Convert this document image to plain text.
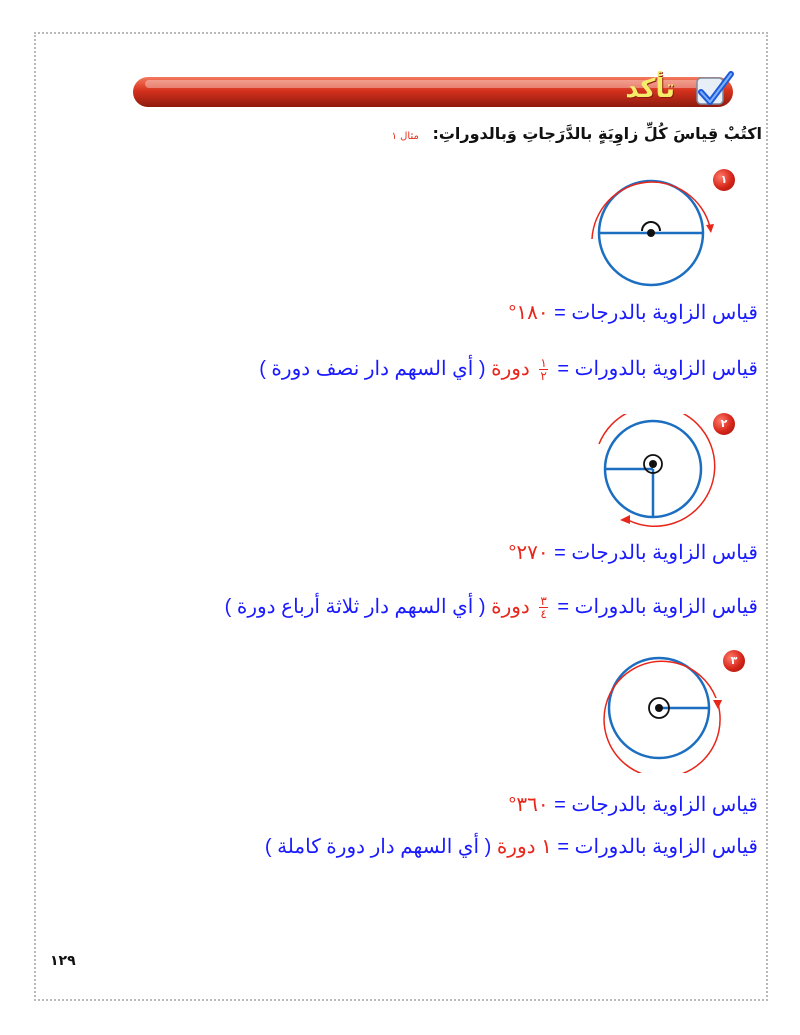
تأكد
اكتُبْ قِياسَ كُلِّ زاوِيَةٍ بالدَّرَجاتِ وَبالدوراتِ: مثال ١
١
قياس الزاوية بالدرجات = ١٨٠°
قياس الزاوية بالدورات =
$\frac{١}{٢}$
دورة ( أي السهم دار نصف دورة )
٢
قياس الزاوية بالدرجات = ٢٧٠°
قياس الزاوية بالدورات =
$\frac{٣}{٤}$
دورة ( أي السهم دار ثلاثة أرباع دورة )
٣
قياس الزاوية بالدرجات = ٣٦٠°
قياس الزاوية بالدورات = ١ دورة ( أي السهم دار دورة كاملة )
١٢٩
